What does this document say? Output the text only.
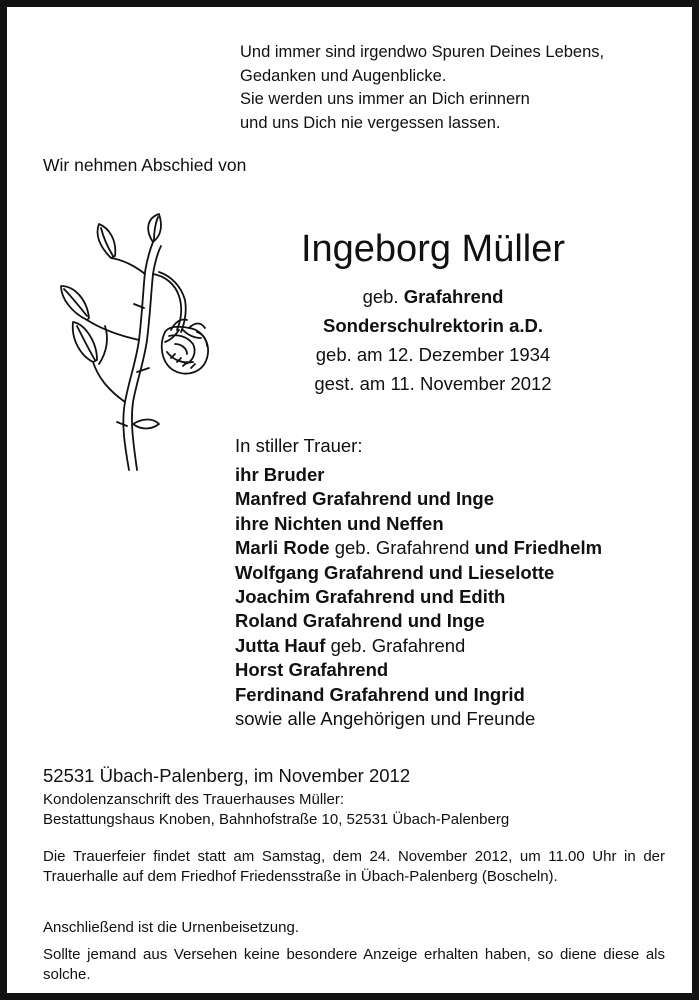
Und immer sind irgendwo Spuren Deines Lebens,
Gedanken und Augenblicke.
Sie werden uns immer an Dich erinnern
und uns Dich nie vergessen lassen.
Wir nehmen Abschied von
Ingeborg Müller
geb. Grafahrend
Sonderschulrektorin a.D.
geb. am 12. Dezember 1934
gest. am 11. November 2012
In stiller Trauer:
ihr Bruder
Manfred Grafahrend und Inge
ihre Nichten und Neffen
Marli Rode geb. Grafahrend und Friedhelm
Wolfgang Grafahrend und Lieselotte
Joachim Grafahrend und Edith
Roland Grafahrend und Inge
Jutta Hauf geb. Grafahrend
Horst Grafahrend
Ferdinand Grafahrend und Ingrid
sowie alle Angehörigen und Freunde
52531 Übach-Palenberg, im November 2012
Kondolenzanschrift des Trauerhauses Müller:
Bestattungshaus Knoben, Bahnhofstraße 10, 52531 Übach-Palenberg

Die Trauerfeier findet statt am Samstag, dem 24. November 2012, um 11.00 Uhr in der Trauerhalle auf dem Friedhof Friedensstraße in Übach-Palenberg (Boscheln).

Anschließend ist die Urnenbeisetzung.

Sollte jemand aus Versehen keine besondere Anzeige erhalten haben, so diene diese als solche.
